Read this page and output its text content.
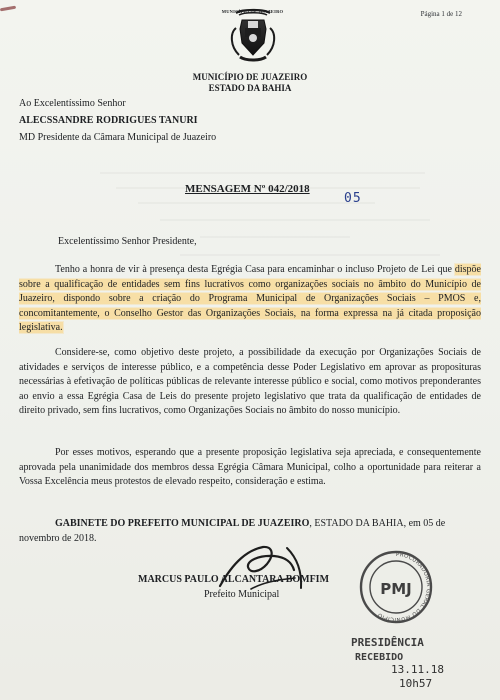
Página 1 de 12
MUNICÍPIO DE JUAZEIRO
MUNICÍPIO DE JUAZEIRO
ESTADO DA BAHIA
Ao Excelentíssimo Senhor
ALECSSANDRE RODRIGUES TANURI
MD Presidente da Câmara Municipal de Juazeiro
MENSAGEM Nº 042/2018
05
Excelentíssimo Senhor Presidente,
Tenho a honra de vir à presença desta Egrégia Casa para encaminhar o incluso Projeto de Lei que dispõe sobre a qualificação de entidades sem fins lucrativos como organizações sociais no âmbito do Município de Juazeiro, dispondo sobre a criação do Programa Municipal de Organizações Sociais – PMOS e, concomitantemente, o Conselho Gestor das Organizações Sociais, na forma expressa na já citada proposição legislativa.
Considere-se, como objetivo deste projeto, a possibilidade da execução por Organizações Sociais de atividades e serviços de interesse público, e a competência desse Poder Legislativo em aprovar as proposituras necessárias à efetivação de políticas públicas de relevante interesse público e social, como motivos preponderantes ao envio a essa Egrégia Casa de Leis do presente projeto legislativo que trata da qualificação de entidades de direito privado, sem fins lucrativos, como Organizações Sociais no âmbito do nosso município.
Por esses motivos, esperando que a presente proposição legislativa seja apreciada, e consequentemente aprovada pela unanimidade dos membros dessa Egrégia Câmara Municipal, colho a oportunidade para reiterar a Vossa Excelência meus protestos de elevado respeito, consideração e estima.
GABINETE DO PREFEITO MUNICIPAL DE JUAZEIRO, ESTADO DA BAHIA, em 05 de novembro de 2018.
MARCUS PAULO ALCANTARA BOMFIM
Prefeito Municipal
PROCURADORIA GERAL DO MUNICÍPIO
PMJ
PRESIDÊNCIA
RECEBIDO
13.11.18
10h57
